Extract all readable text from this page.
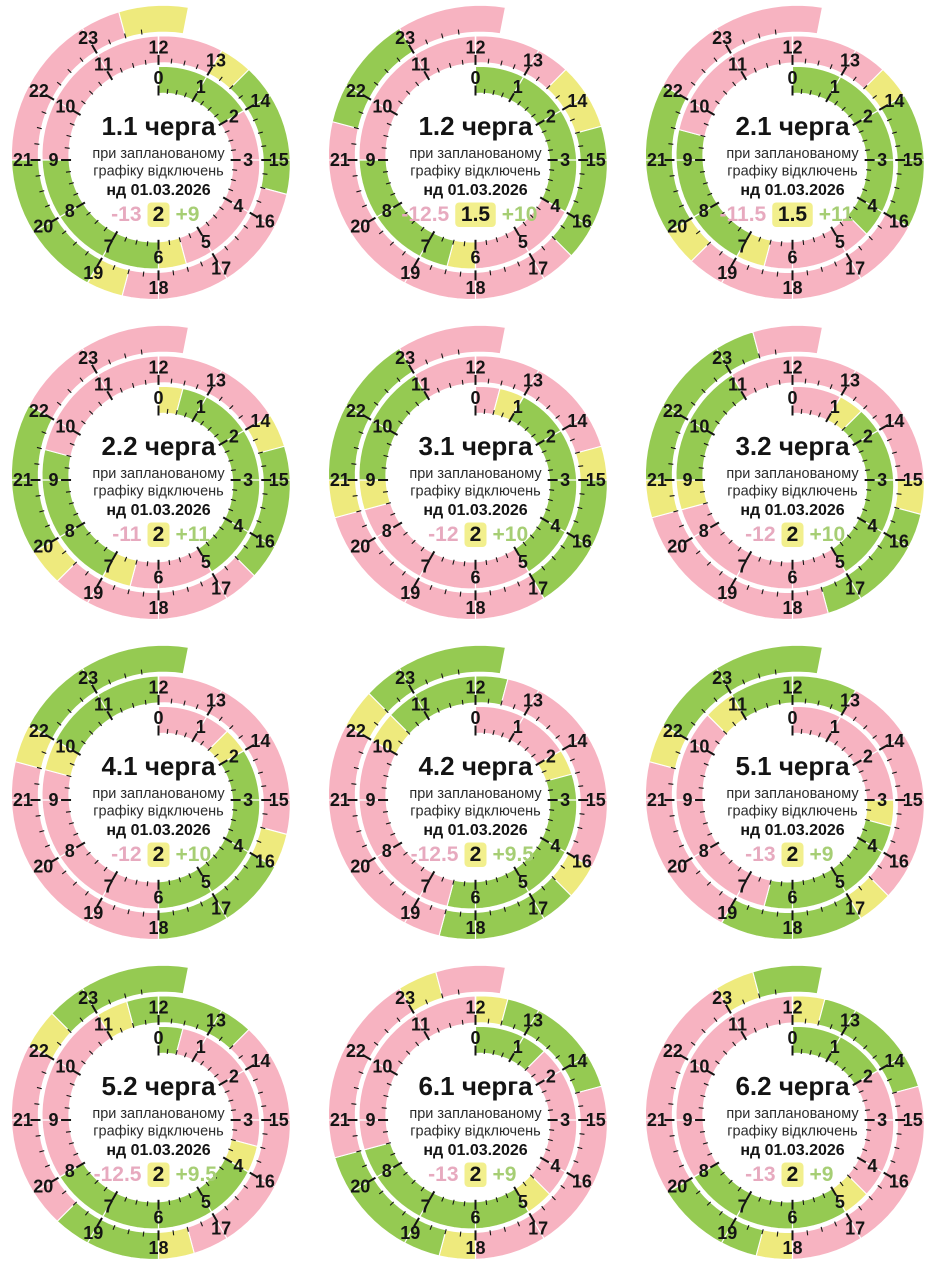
0 1
2
3
4
5
6
7
8
9
10
11
12
13
14
15
16
17
18
19
20
21
22
23
1.1 черга
при запланованому
графіку відключень
нд 01.03.2026
-13 2 +9
0 1
2
3
4
5
6
7
8
9
10
11
12
13
14
15
16
17
18
19
20
21
22
23
1.2 черга
при запланованому
графіку відключень
нд 01.03.2026
-12.5 1.5 +10
0 1
2
3
4
5
6
7
8
9
10
11
12
13
14
15
16
17
18
19
20
21
22
23
2.1 черга
при запланованому
графіку відключень
нд 01.03.2026
-11.5 1.5 +11
0 1
2
3
4
5
6
7
8
9
10
11
12
13
14
15
16
17
18
19
20
21
22
23
2.2 черга
при запланованому
графіку відключень
нд 01.03.2026
-11 2 +11
0 1
2
3
4
5
6
7
8
9
10
11
12
13
14
15
16
17
18
19
20
21
22
23
3.1 черга
при запланованому
графіку відключень
нд 01.03.2026
-12 2 +10
0 1
2
3
4
5
6
7
8
9
10
11
12
13
14
15
16
17
18
19
20
21
22
23
3.2 черга
при запланованому
графіку відключень
нд 01.03.2026
-12 2 +10
0 1
2
3
4
5
6
7
8
9
10
11
12
13
14
15
16
17
18
19
20
21
22
23
4.1 черга
при запланованому
графіку відключень
нд 01.03.2026
-12 2 +10
0 1
2
3
4
5
6
7
8
9
10
11
12
13
14
15
16
17
18
19
20
21
22
23
4.2 черга
при запланованому
графіку відключень
нд 01.03.2026
-12.5 2 +9.5
0 1
2
3
4
5
6
7
8
9
10
11
12
13
14
15
16
17
18
19
20
21
22
23
5.1 черга
при запланованому
графіку відключень
нд 01.03.2026
-13 2 +9
0 1
2
3
4
5
6
7
8
9
10
11
12
13
14
15
16
17
18
19
20
21
22
23
5.2 черга
при запланованому
графіку відключень
нд 01.03.2026
-12.5 2 +9.5
0 1
2
3
4
5
6
7
8
9
10
11
12
13
14
15
16
17
18
19
20
21
22
23
6.1 черга
при запланованому
графіку відключень
нд 01.03.2026
-13 2 +9
0 1
2
3
4
5
6
7
8
9
10
11
12
13
14
15
16
17
18
19
20
21
22
23
6.2 черга
при запланованому
графіку відключень
нд 01.03.2026
-13 2 +9
